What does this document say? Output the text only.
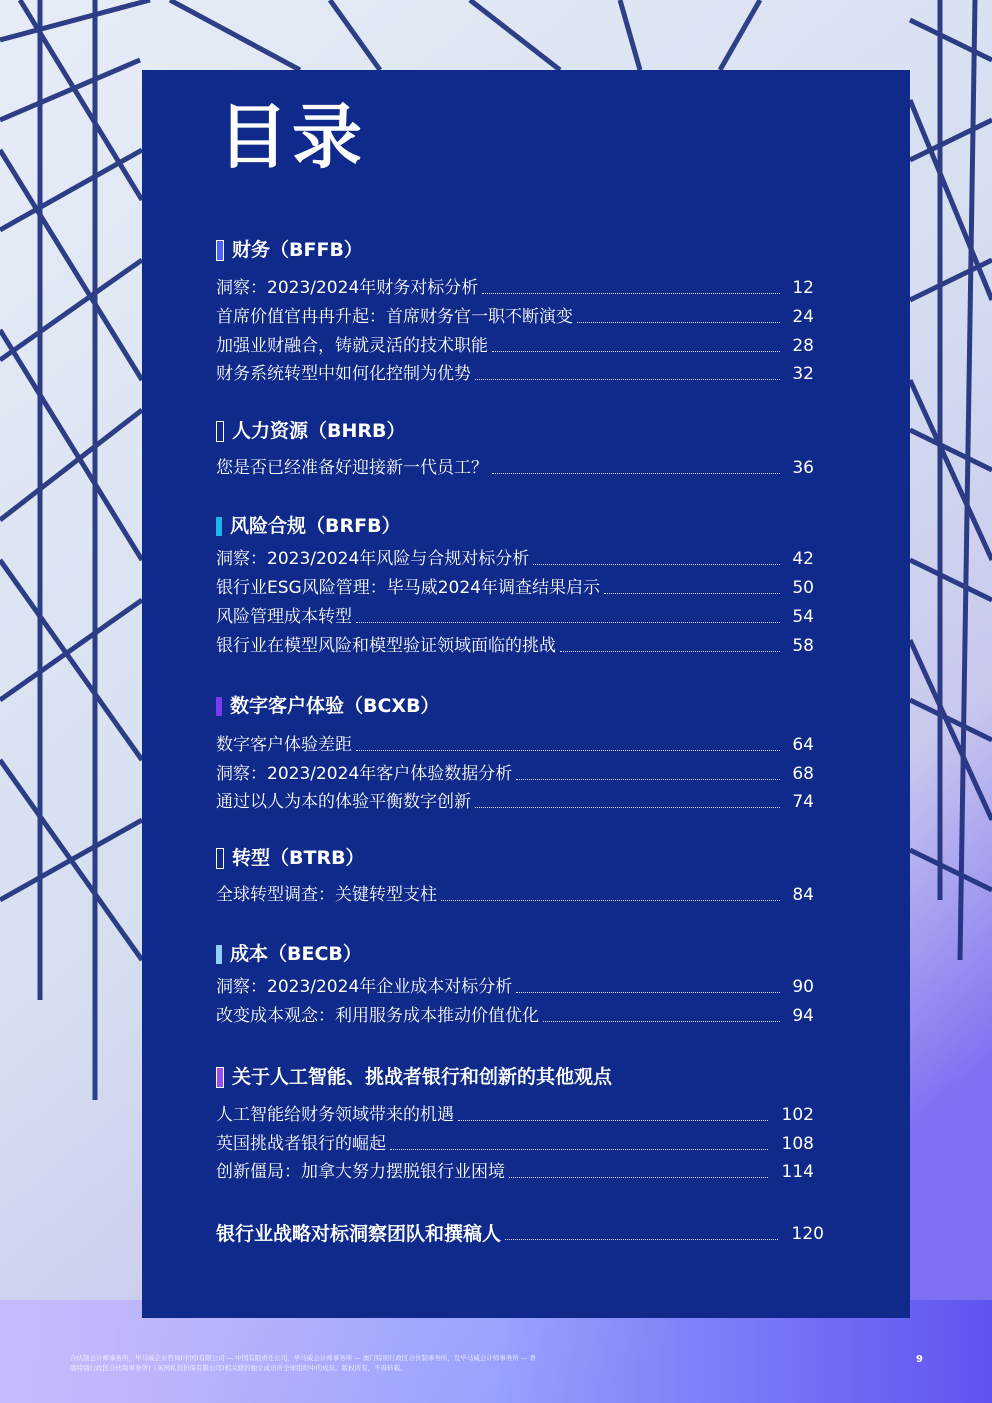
目录
财务（BFFB）
洞察：2023/2024年财务对标分析	12
首席价值官冉冉升起：首席财务官一职不断演变	24
加强业财融合，铸就灵活的技术职能	28
财务系统转型中如何化控制为优势	32
人力资源（BHRB）
您是否已经准备好迎接新一代员工？	36
风险合规（BRFB）
洞察：2023/2024年风险与合规对标分析	42
银行业ESG风险管理：毕马威2024年调查结果启示	50
风险管理成本转型	54
银行业在模型风险和模型验证领域面临的挑战	58
数字客户体验（BCXB）
数字客户体验差距	64
洞察：2023/2024年客户体验数据分析	68
通过以人为本的体验平衡数字创新	74
转型（BTRB）
全球转型调查：关键转型支柱	84
成本（BECB）
洞察：2023/2024年企业成本对标分析	90
改变成本观念：利用服务成本推动价值优化	94
关于人工智能、挑战者银行和创新的其他观点
人工智能给财务领域带来的机遇	102
英国挑战者银行的崛起	108
创新僵局：加拿大努力摆脱银行业困境	114
银行业战略对标洞察团队和撰稿人	120
合伙制会计师事务所，毕马威企业咨询(中国)有限公司 — 中国有限责任公司，毕马威会计师事务所 — 澳门特别行政区合伙制事务所，及毕马威会计师事务所 — 香
港特别行政区合伙制事务所)（英国私营担保有限公司)相关联的独立成员所全球组织中的成员。版权所有，不得转载。
9
